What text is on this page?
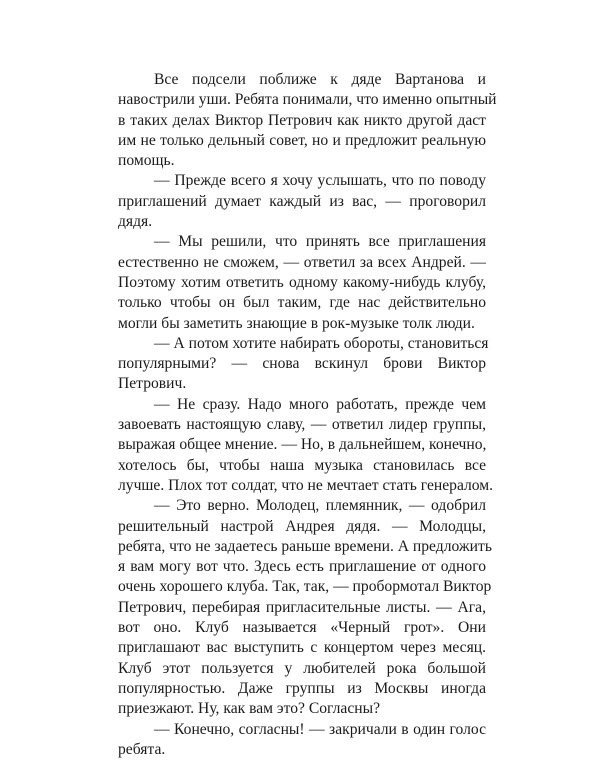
Все подсели поближе к дяде Вартанова и
навострили уши. Ребята понимали, что именно опытный
в таких делах Виктор Петрович как никто другой даст
им не только дельный совет, но и предложит реальную
помощь.
— Прежде всего я хочу услышать, что по поводу
приглашений думает каждый из вас, — проговорил
дядя.
— Мы решили, что принять все приглашения
естественно не сможем, — ответил за всех Андрей. —
Поэтому хотим ответить одному какому-нибудь клубу,
только чтобы он был таким, где нас действительно
могли бы заметить знающие в рок-музыке толк люди.
— А потом хотите набирать обороты, становиться
популярными? — снова вскинул брови Виктор
Петрович.
— Не сразу. Надо много работать, прежде чем
завоевать настоящую славу, — ответил лидер группы,
выражая общее мнение. — Но, в дальнейшем, конечно,
хотелось бы, чтобы наша музыка становилась все
лучше. Плох тот солдат, что не мечтает стать генералом.
— Это верно. Молодец, племянник, — одобрил
решительный настрой Андрея дядя. — Молодцы,
ребята, что не задаетесь раньше времени. А предложить
я вам могу вот что. Здесь есть приглашение от одного
очень хорошего клуба. Так, так, — пробормотал Виктор
Петрович, перебирая пригласительные листы. — Ага,
вот оно. Клуб называется «Черный грот». Они
приглашают вас выступить с концертом через месяц.
Клуб этот пользуется у любителей рока большой
популярностью. Даже группы из Москвы иногда
приезжают. Ну, как вам это? Согласны?
— Конечно, согласны! — закричали в один голос
ребята.
